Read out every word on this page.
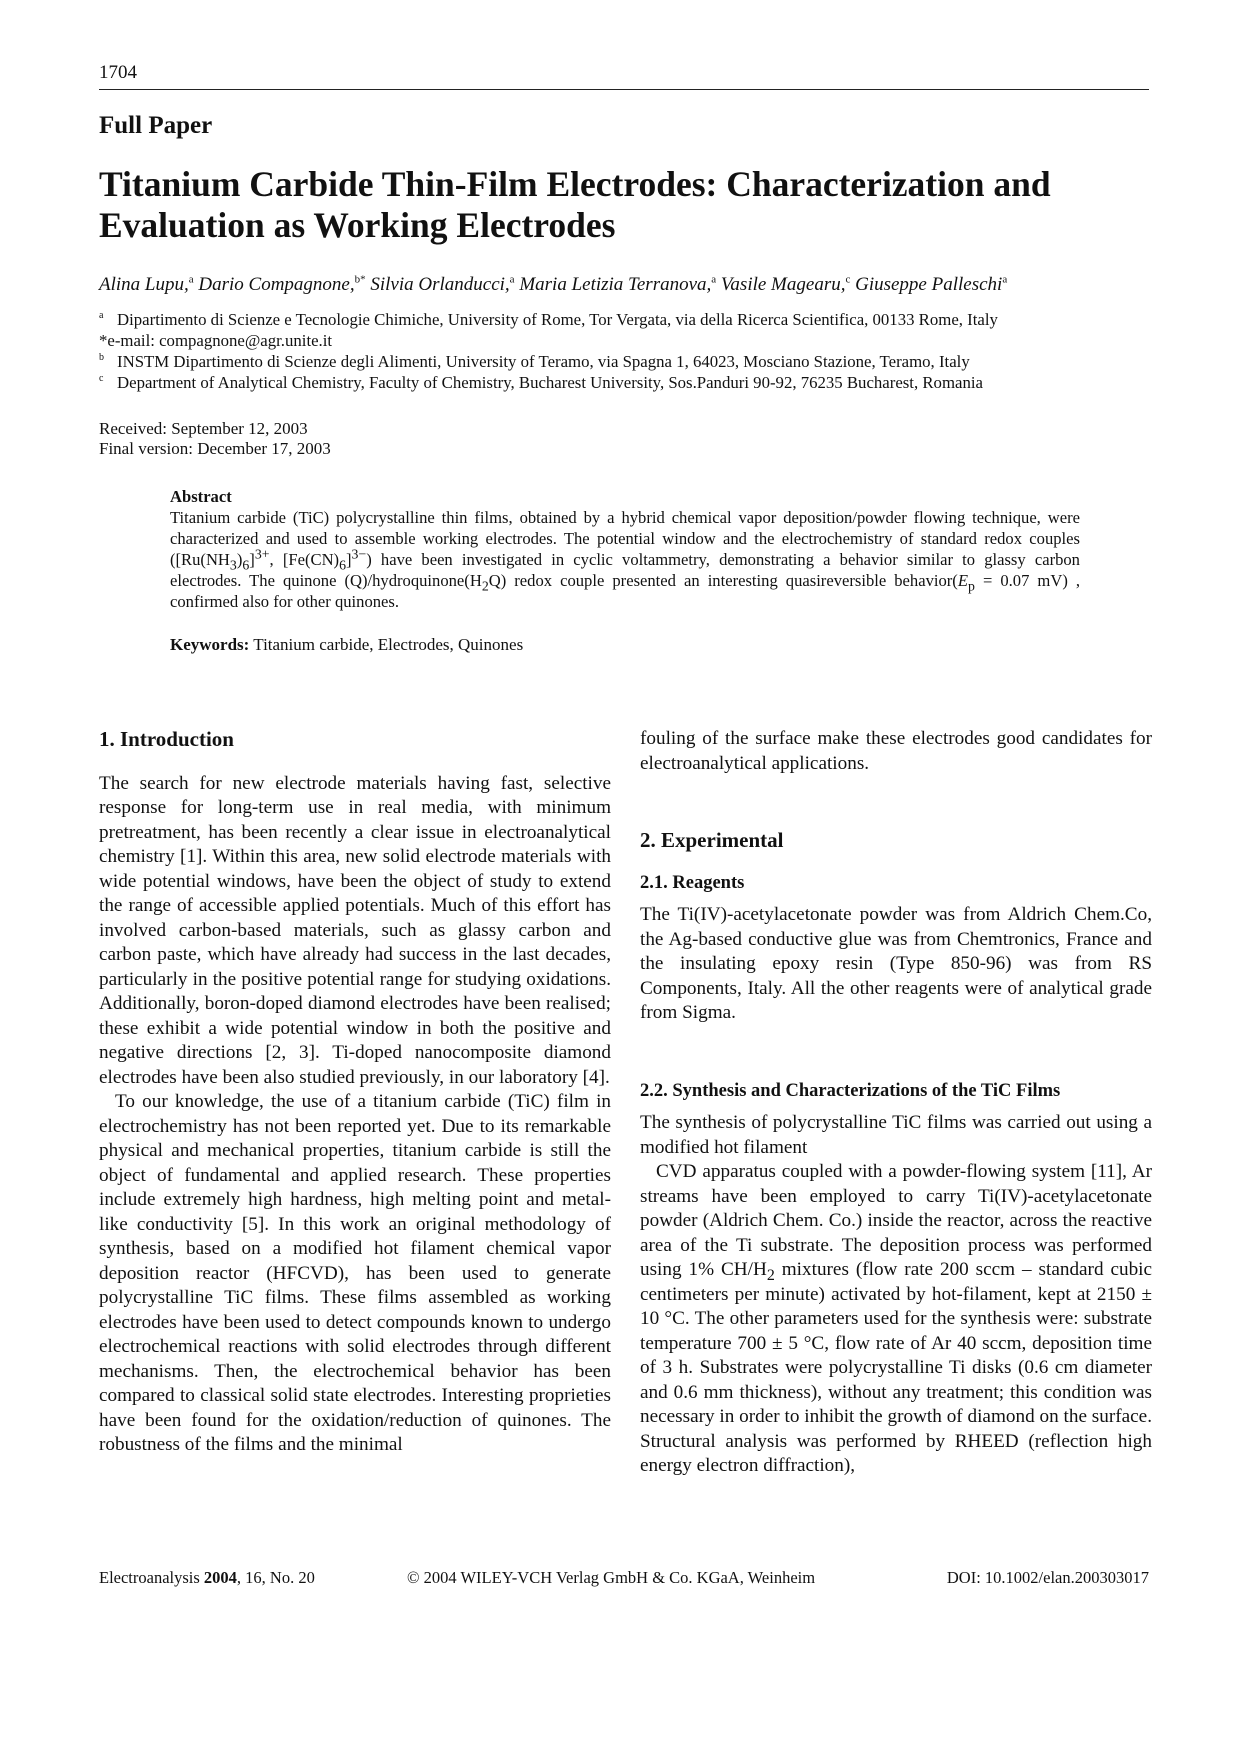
1704
Full Paper
Titanium Carbide Thin-Film Electrodes: Characterization and Evaluation as Working Electrodes
Alina Lupu,$^a$ Dario Compagnone,$^{b*}$ Silvia Orlanducci,$^a$ Maria Letizia Terranova,$^a$ Vasile Magearu,$^c$ Giuseppe Palleschi$^a$
$^a$ Dipartimento di Scienze e Tecnologie Chimiche, University of Rome, Tor Vergata, via della Ricerca Scientifica, 00133 Rome, Italy
*e-mail: compagnone@agr.unite.it
$^b$ INSTM Dipartimento di Scienze degli Alimenti, University of Teramo, via Spagna 1, 64023, Mosciano Stazione, Teramo, Italy
$^c$ Department of Analytical Chemistry, Faculty of Chemistry, Bucharest University, Sos.Panduri 90-92, 76235 Bucharest, Romania
Received: September 12, 2003
Final version: December 17, 2003
Abstract
Titanium carbide (TiC) polycrystalline thin films, obtained by a hybrid chemical vapor deposition/powder flowing technique, were characterized and used to assemble working electrodes. The potential window and the electrochemistry of standard redox couples ($[Ru(NH_3)_6]^{3+}$, $[Fe(CN)_6]^{3-}$) have been investigated in cyclic voltammetry, demonstrating a behavior similar to glassy carbon electrodes. The quinone $(Q)/hydroquinone(H_2Q)$ redox couple presented an interesting quasireversible $behavior(E_p = 0.07$ mV) , confirmed also for other quinones.
Keywords: Titanium carbide, Electrodes, Quinones

1. Introduction

The search for new electrode materials having fast, selective response for long-term use in real media, with minimum pretreatment, has been recently a clear issue in electroanalytical chemistry [1]. Within this area, new solid electrode materials with wide potential windows, have been the object of study to extend the range of accessible applied potentials. Much of this effort has involved carbon-based materials, such as glassy carbon and carbon paste, which have already had success in the last decades, particularly in the positive potential range for studying oxidations. Additionally, boron-doped diamond electrodes have been realised; these exhibit a wide potential window in both the positive and negative directions [2, 3]. Ti-doped nanocomposite diamond electrodes have been also studied previously, in our laboratory [4].

To our knowledge, the use of a titanium carbide (TiC) film in electrochemistry has not been reported yet. Due to its remarkable physical and mechanical properties, titanium carbide is still the object of fundamental and applied research. These properties include extremely high hardness, high melting point and metal-like conductivity [5]. In this work an original methodology of synthesis, based on a modified hot filament chemical vapor deposition reactor (HFCVD), has been used to generate polycrystalline TiC films. These films assembled as working electrodes have been used to detect compounds known to undergo electrochemical reactions with solid electrodes through different mechanisms. Then, the electrochemical behavior has been compared to classical solid state electrodes. Interesting proprieties have been found for the oxidation/reduction of quinones. The robustness of the films and the minimal

fouling of the surface make these electrodes good candidates for electroanalytical applications.

2. Experimental

2.1. Reagents

The Ti(IV)-acetylacetonate powder was from Aldrich Chem.Co, the Ag-based conductive glue was from Chemtronics, France and the insulating epoxy resin (Type 850-96) was from RS Components, Italy. All the other reagents were of analytical grade from Sigma.

2.2. Synthesis and Characterizations of the TiC Films

The synthesis of polycrystalline TiC films was carried out using a modified hot filament

CVD apparatus coupled with a powder-flowing system [11], Ar streams have been employed to carry Ti(IV)-acetylacetonate powder (Aldrich Chem. Co.) inside the reactor, across the reactive area of the Ti substrate. The deposition process was performed using 1% $CH/H_2$ mixtures (flow rate 200 sccm – standard cubic centimeters per minute) activated by hot-filament, kept at 2150 ± 10 °C. The other parameters used for the synthesis were: substrate temperature 700 ± 5 °C, flow rate of Ar 40 sccm, deposition time of 3 h. Substrates were polycrystalline Ti disks (0.6 cm diameter and 0.6 mm thickness), without any treatment; this condition was necessary in order to inhibit the growth of diamond on the surface. Structural analysis was performed by RHEED (reflection high energy electron diffraction),

Electroanalysis 2004, 16, No. 20	© 2004 WILEY-VCH Verlag GmbH & Co. KGaA, Weinheim	DOI: 10.1002/elan.200303017
